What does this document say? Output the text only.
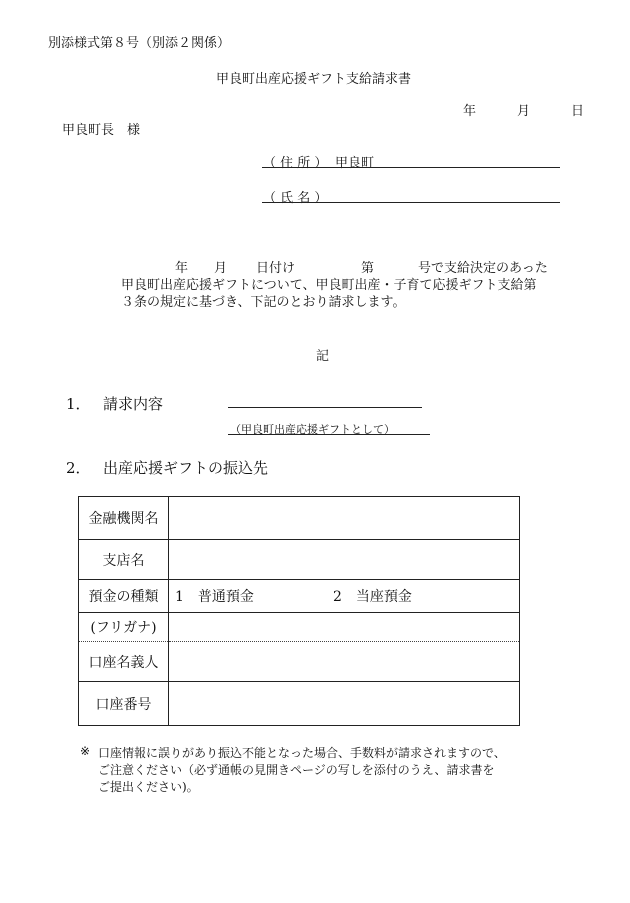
別添様式第８号（別添２関係）
甲良町出産応援ギフト支給請求書
年	月	日
甲良町長　様
（ 住 所 ） 甲良町
（ 氏 名 ）
年 月 日付け	第	号で支給決定のあった
甲良町出産応援ギフトについて、甲良町出産・子育て応援ギフト支給第
３条の規定に基づき、下記のとおり請求します。
記
1． 請求内容
（甲良町出産応援ギフトとして）
2． 出産応援ギフトの振込先
金融機関名	
支店名	
預金の種類	1　普通預金 2　当座預金
(フリガナ)	
口座名義人	
口座番号	
※ 口座情報に誤りがあり振込不能となった場合、手数料が請求されますので、
ご注意ください（必ず通帳の見開きページの写しを添付のうえ、請求書を
ご提出ください)。
